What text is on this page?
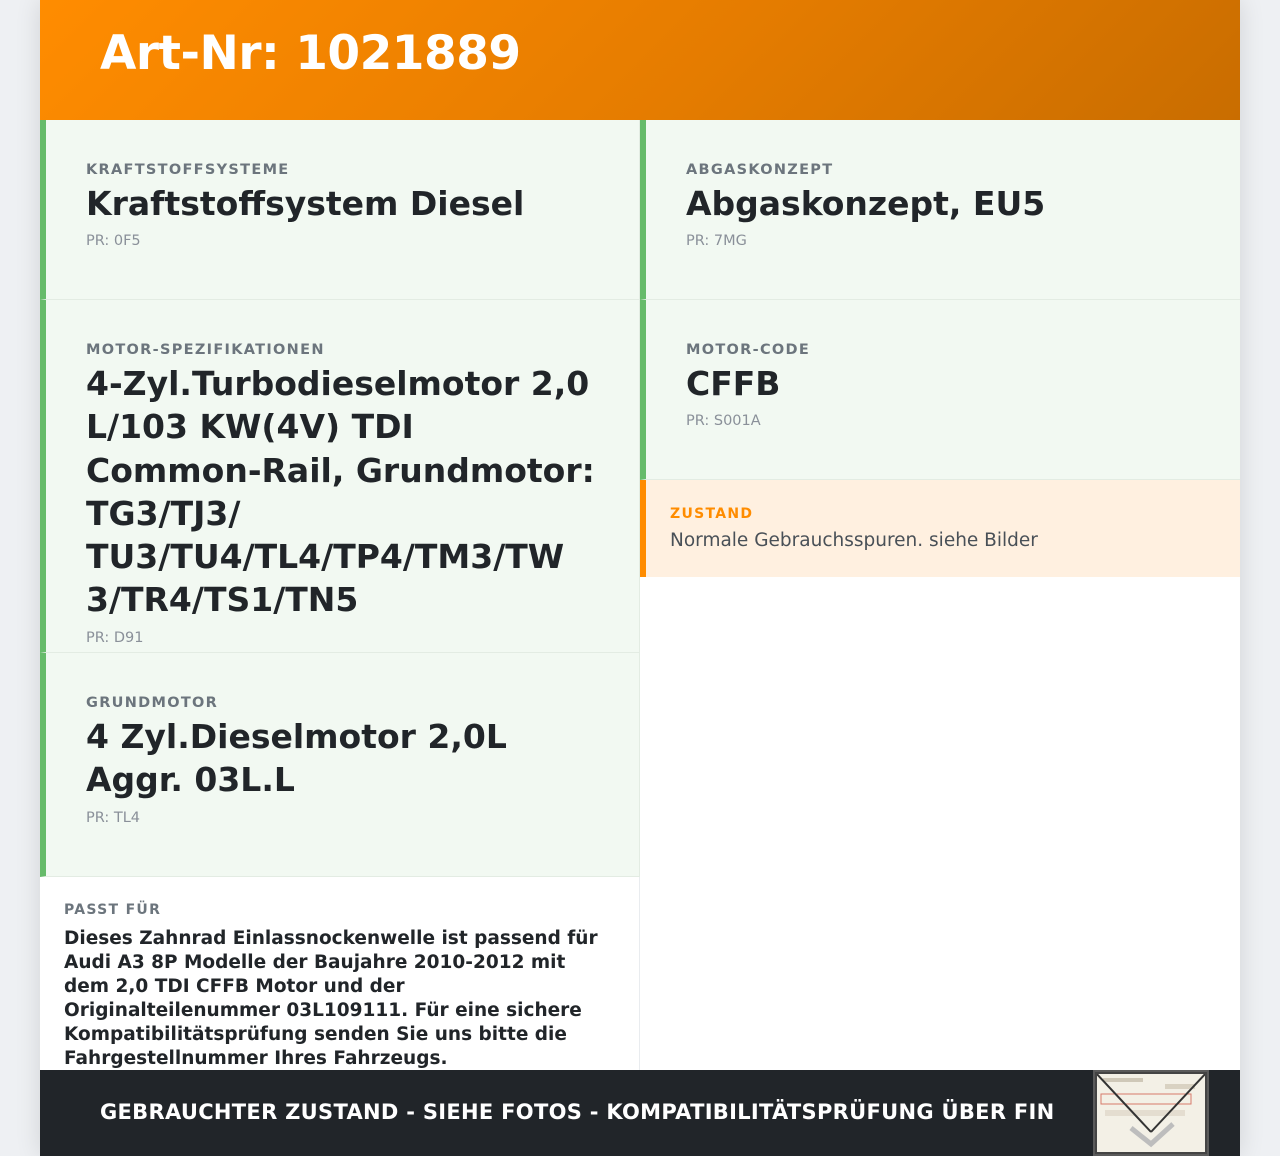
Art-Nr: 1021889
KRAFTSTOFFSYSTEME
Kraftstoffsystem Diesel
PR: 0F5
MOTOR-SPEZIFIKATIONEN
4-Zyl.Turbodieselmotor 2,0 L/103 KW(4V) TDI Common-Rail, Grundmotor: TG3/TJ3/ TU3/TU4/TL4/TP4/TM3/TW 3/TR4/TS1/TN5
PR: D91
GRUNDMOTOR
4 Zyl.Dieselmotor 2,0L Aggr. 03L.L
PR: TL4
ABGASKONZEPT
Abgaskonzept, EU5
PR: 7MG
MOTOR-CODE
CFFB
PR: S001A
ZUSTAND
Normale Gebrauchsspuren. siehe Bilder
PASST FÜR
Dieses Zahnrad Einlassnockenwelle ist passend für Audi A3 8P Modelle der Baujahre 2010-2012 mit dem 2,0 TDI CFFB Motor und der Originalteilenummer 03L109111. Für eine sichere Kompatibilitätsprüfung senden Sie uns bitte die Fahrgestellnummer Ihres Fahrzeugs.
GEBRAUCHTER ZUSTAND - SIEHE FOTOS - KOMPATIBILITÄTSPRÜFUNG ÜBER FIN
